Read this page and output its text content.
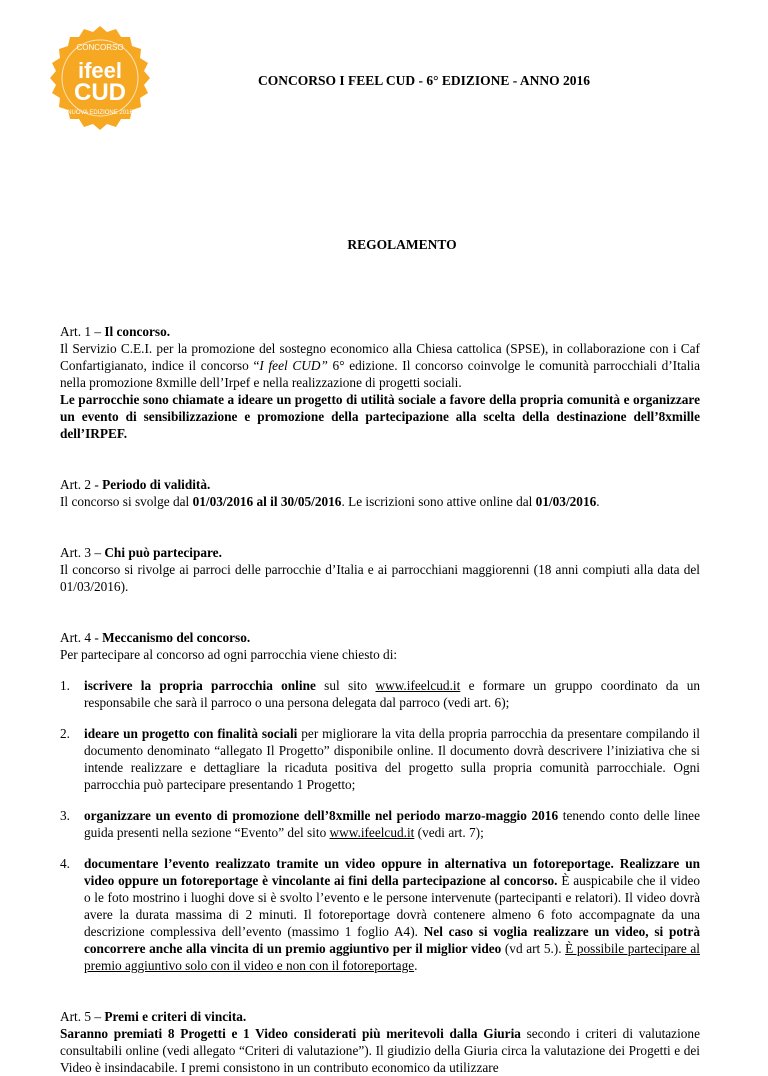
CONCORSO
ifeel
CUD
NUOVA EDIZIONE 2016
CONCORSO I FEEL CUD - 6° EDIZIONE - ANNO 2016
REGOLAMENTO

Art. 1 – Il concorso.

Il Servizio C.E.I. per la promozione del sostegno economico alla Chiesa cattolica (SPSE), in collaborazione con i Caf Confartigianato, indice il concorso “I feel CUD” 6° edizione. Il concorso coinvolge le comunità parrocchiali d’Italia nella promozione 8xmille dell’Irpef e nella realizzazione di progetti sociali.

Le parrocchie sono chiamate a ideare un progetto di utilità sociale a favore della propria comunità e organizzare un evento di sensibilizzazione e promozione della partecipazione alla scelta della destinazione dell’8xmille dell’IRPEF.

Art. 2 - Periodo di validità.

Il concorso si svolge dal 01/03/2016 al il 30/05/2016. Le iscrizioni sono attive online dal 01/03/2016.

Art. 3 – Chi può partecipare.

Il concorso si rivolge ai parroci delle parrocchie d’Italia e ai parrocchiani maggiorenni (18 anni compiuti alla data del 01/03/2016).

Art. 4 - Meccanismo del concorso.

Per partecipare al concorso ad ogni parrocchia viene chiesto di:

1. iscrivere la propria parrocchia online sul sito www.ifeelcud.it e formare un gruppo coordinato da un responsabile che sarà il parroco o una persona delegata dal parroco (vedi art. 6);
2. ideare un progetto con finalità sociali per migliorare la vita della propria parrocchia da presentare compilando il documento denominato “allegato Il Progetto” disponibile online. Il documento dovrà descrivere l’iniziativa che si intende realizzare e dettagliare la ricaduta positiva del progetto sulla propria comunità parrocchiale. Ogni parrocchia può partecipare presentando 1 Progetto;
3. organizzare un evento di promozione dell’8xmille nel periodo marzo-maggio 2016 tenendo conto delle linee guida presenti nella sezione “Evento” del sito www.ifeelcud.it (vedi art. 7);
4. documentare l’evento realizzato tramite un video oppure in alternativa un fotoreportage. Realizzare un video oppure un fotoreportage è vincolante ai fini della partecipazione al concorso. È auspicabile che il video o le foto mostrino i luoghi dove si è svolto l’evento e le persone intervenute (partecipanti e relatori). Il video dovrà avere la durata massima di 2 minuti. Il fotoreportage dovrà contenere almeno 6 foto accompagnate da una descrizione complessiva dell’evento (massimo 1 foglio A4). Nel caso si voglia realizzare un video, si potrà concorrere anche alla vincita di un premio aggiuntivo per il miglior video (vd art 5.). È possibile partecipare al premio aggiuntivo solo con il video e non con il fotoreportage.

Art. 5 – Premi e criteri di vincita.

Saranno premiati 8 Progetti e 1 Video considerati più meritevoli dalla Giuria secondo i criteri di valutazione consultabili online (vedi allegato “Criteri di valutazione”). Il giudizio della Giuria circa la valutazione dei Progetti e dei Video è insindacabile. I premi consistono in un contributo economico da utilizzare
